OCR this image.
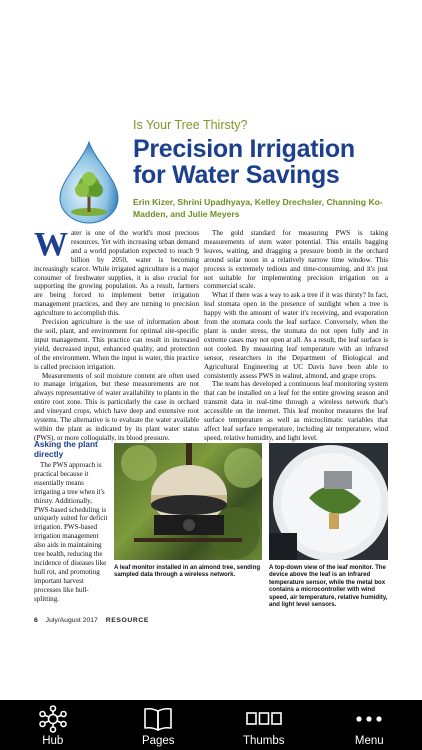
Is Your Tree Thirsty?
Precision Irrigation for Water Savings
Erin Kizer, Shrini Upadhyaya, Kelley Drechsler, Channing Ko-Madden, and Julie Meyers

Water is one of the world's most precious resources. Yet with increasing urban demand and a world population expected to reach 9 billion by 2050, water is becoming increasingly scarce. While irrigated agriculture is a major consumer of freshwater supplies, it is also crucial for supporting the growing population. As a result, farmers are being forced to implement better irrigation management practices, and they are turning to precision agriculture to accomplish this.

Precision agriculture is the use of information about the soil, plant, and environment for optimal site-specific input management. This practice can result in increased yield, decreased input, enhanced quality, and protection of the environment. When the input is water, this practice is called precision irrigation.

Measurements of soil moisture content are often used to manage irrigation, but these measurements are not always representative of water availability to plants in the entire root zone. This is particularly the case in orchard and vineyard crops, which have deep and extensive root systems. The alternative is to evaluate the water available within the plant as indicated by its plant water status (PWS), or more colloquially, its blood pressure.

The gold standard for measuring PWS is taking measurements of stem water potential. This entails bagging leaves, waiting, and dragging a pressure bomb in the orchard around solar noon in a relatively narrow time window. This process is extremely tedious and time-consuming, and it's just not suitable for implementing precision irrigation on a commercial scale.

What if there was a way to ask a tree if it was thirsty? In fact, leaf stomata open in the presence of sunlight when a tree is happy with the amount of water it's receiving, and evaporation from the stomata cools the leaf surface. Conversely, when the plant is under stress, the stomata do not open fully and in extreme cases may not open at all. As a result, the leaf surface is not cooled. By measuring leaf temperature with an infrared sensor, researchers in the Department of Biological and Agricultural Engineering at UC Davis have been able to consistently assess PWS in walnut, almond, and grape crops.

The team has developed a continuous leaf monitoring system that can be installed on a leaf for the entire growing season and transmit data in real-time through a wireless network that's accessible on the internet. This leaf monitor measures the leaf surface temperature as well as microclimatic variables that affect leaf surface temperature, including air temperature, wind speed, relative humidity, and light level.

Asking the plant directly

The PWS approach is practical because it essentially means irrigating a tree when it's thirsty. Additionally, PWS-based scheduling is uniquely suited for deficit irrigation. PWS-based irrigation management also aids in maintaining tree health, reducing the incidence of diseases like hull rot, and promoting important harvest processes like hull-splitting.

A leaf monitor installed in an almond tree, sending sampled data through a wireless network.
A top-down view of the leaf monitor. The device above the leaf is an infrared temperature sensor, while the metal box contains a microcontroller with wind speed, air temperature, relative humidity, and light level sensors.
6 July/August 2017 RESOURCE
Hub	Pages	Thumbs	Menu
